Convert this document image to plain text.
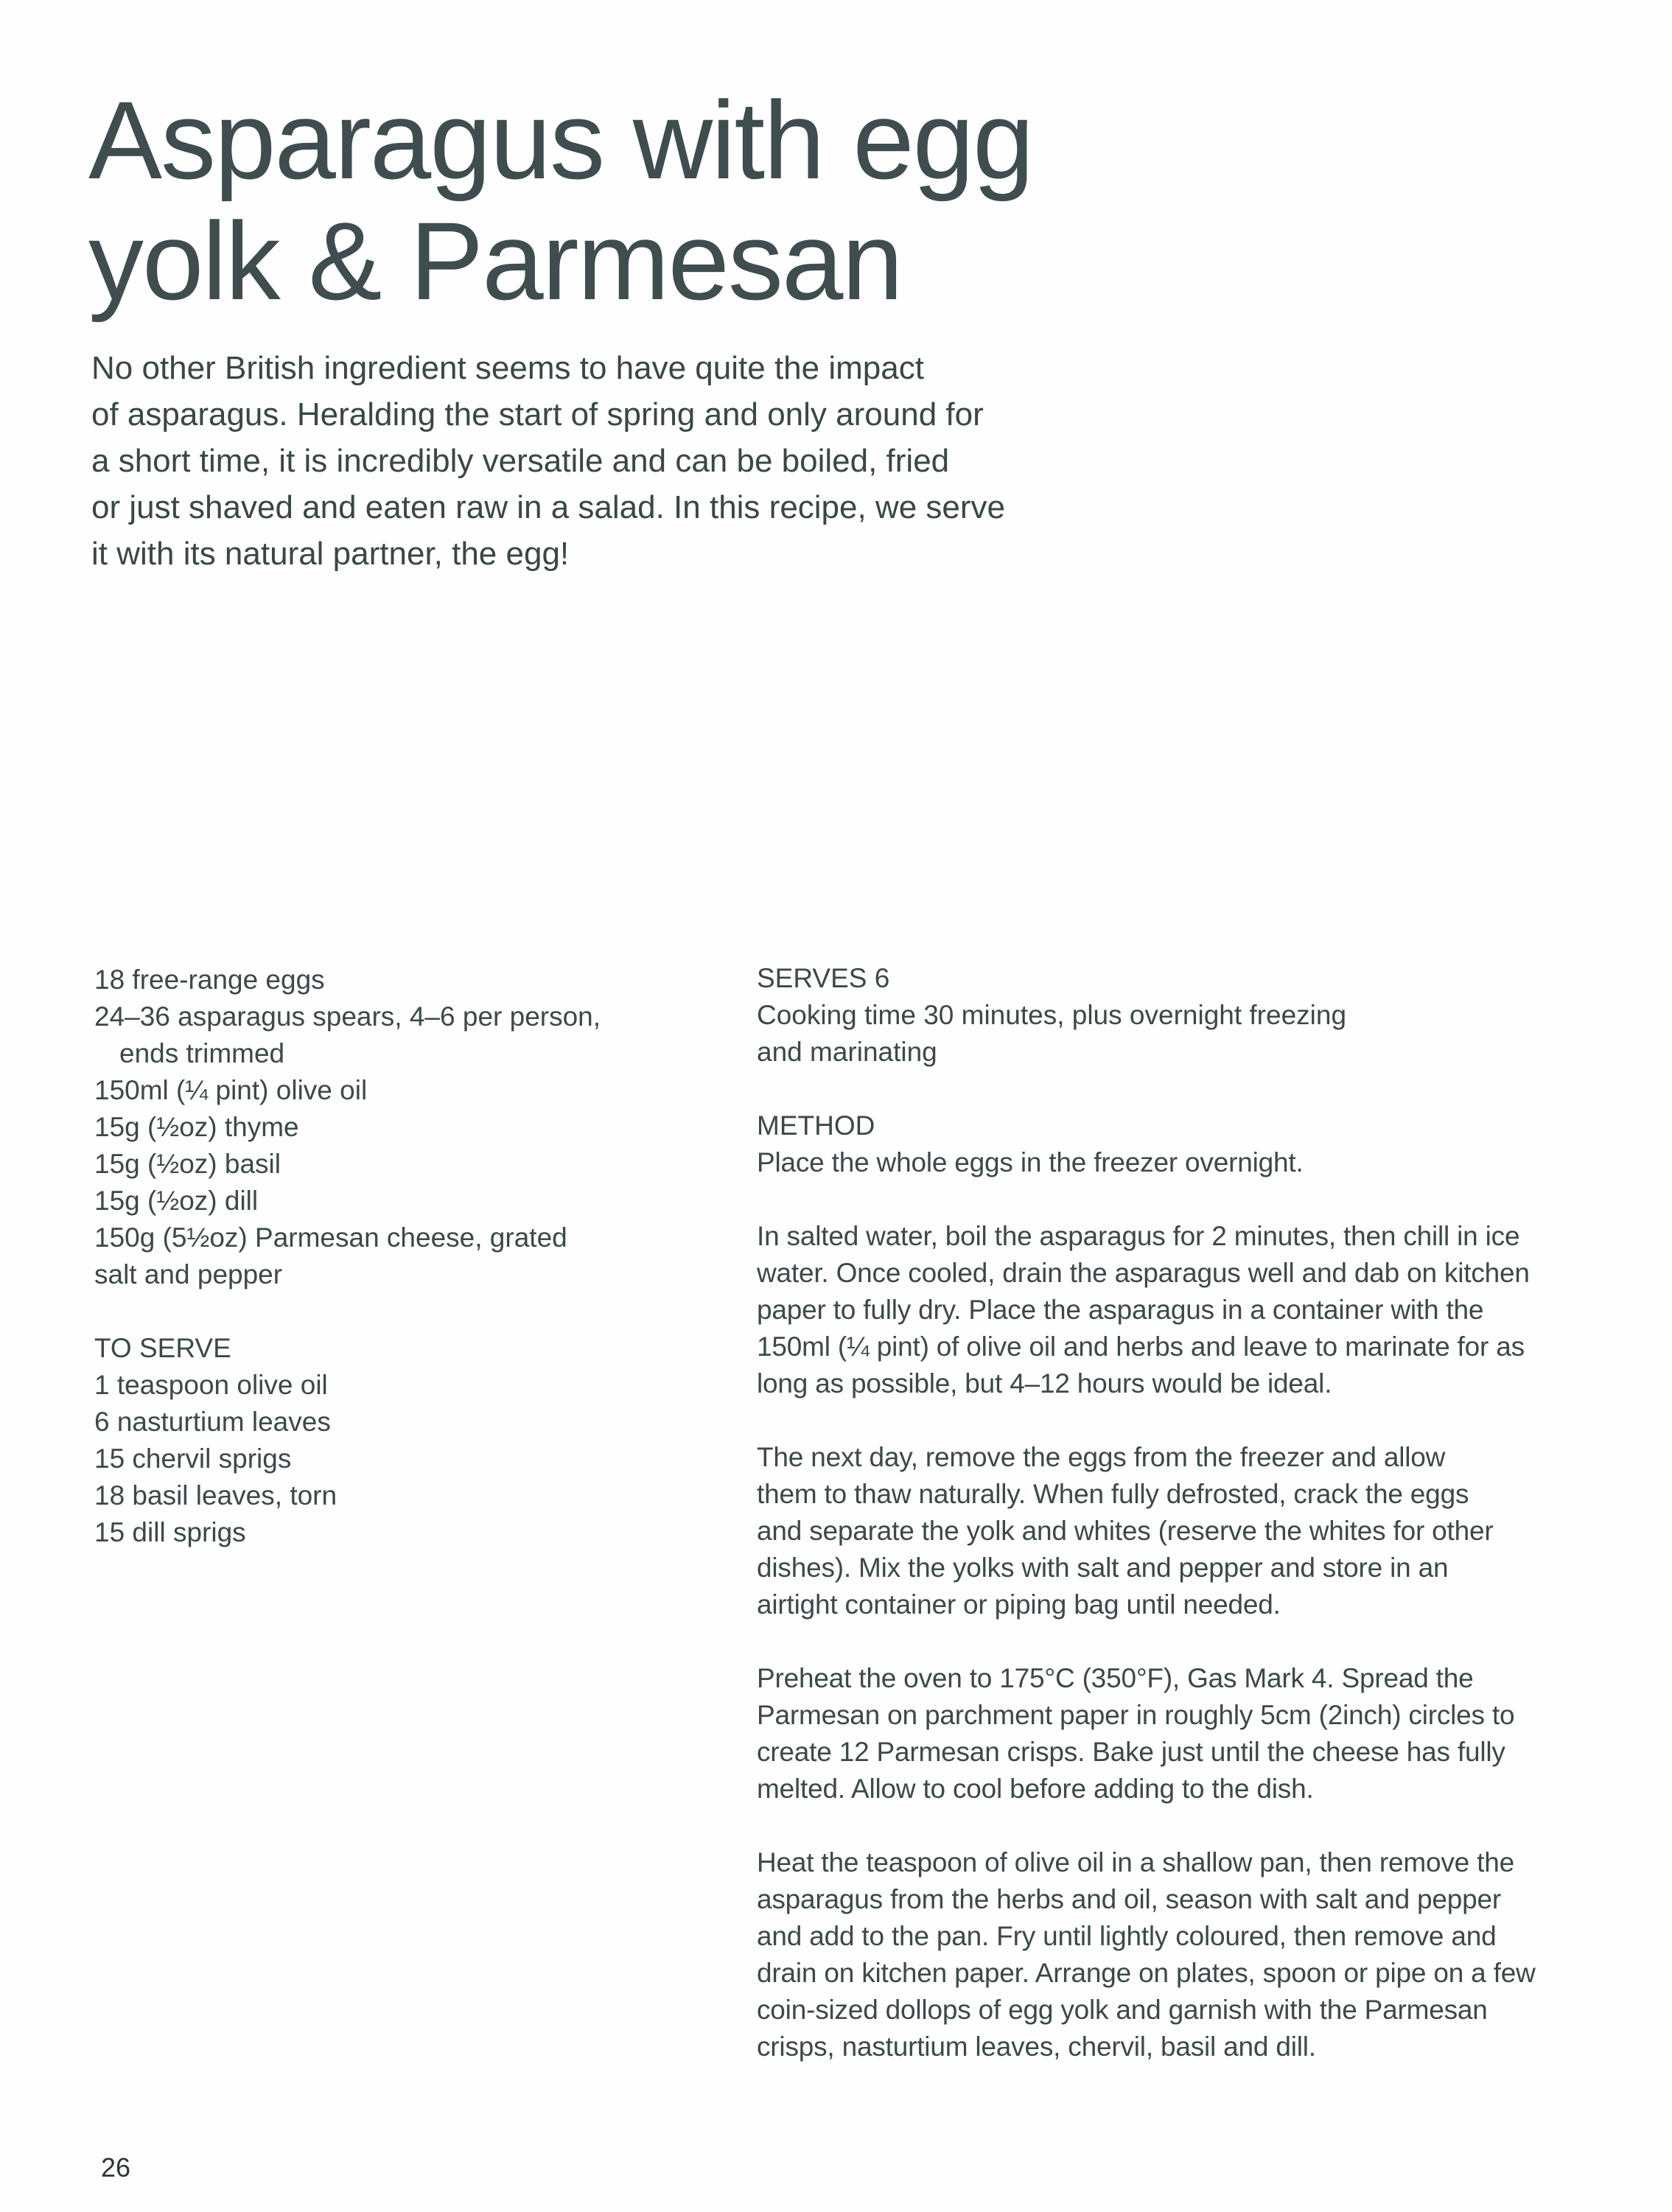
Asparagus with egg
yolk & Parmesan

No other British ingredient seems to have quite the impact
of asparagus. Heralding the start of spring and only around for
a short time, it is incredibly versatile and can be boiled, fried
or just shaved and eaten raw in a salad. In this recipe, we serve
it with its natural partner, the egg!

18 free-range eggs
24–36 asparagus spears, 4–6 per person,
ends trimmed
150ml (¼ pint) olive oil
15g (½oz) thyme
15g (½oz) basil
15g (½oz) dill
150g (5½oz) Parmesan cheese, grated
salt and pepper
TO SERVE
1 teaspoon olive oil
6 nasturtium leaves
15 chervil sprigs
18 basil leaves, torn
15 dill sprigs
SERVES 6
Cooking time 30 minutes, plus overnight freezing
and marinating
METHOD
Place the whole eggs in the freezer overnight.
In salted water, boil the asparagus for 2 minutes, then chill in ice
water. Once cooled, drain the asparagus well and dab on kitchen
paper to fully dry. Place the asparagus in a container with the
150ml (¼ pint) of olive oil and herbs and leave to marinate for as
long as possible, but 4–12 hours would be ideal.
The next day, remove the eggs from the freezer and allow
them to thaw naturally. When fully defrosted, crack the eggs
and separate the yolk and whites (reserve the whites for other
dishes). Mix the yolks with salt and pepper and store in an
airtight container or piping bag until needed.
Preheat the oven to 175°C (350°F), Gas Mark 4. Spread the
Parmesan on parchment paper in roughly 5cm (2inch) circles to
create 12 Parmesan crisps. Bake just until the cheese has fully
melted. Allow to cool before adding to the dish.
Heat the teaspoon of olive oil in a shallow pan, then remove the
asparagus from the herbs and oil, season with salt and pepper
and add to the pan. Fry until lightly coloured, then remove and
drain on kitchen paper. Arrange on plates, spoon or pipe on a few
coin-sized dollops of egg yolk and garnish with the Parmesan
crisps, nasturtium leaves, chervil, basil and dill.
26
